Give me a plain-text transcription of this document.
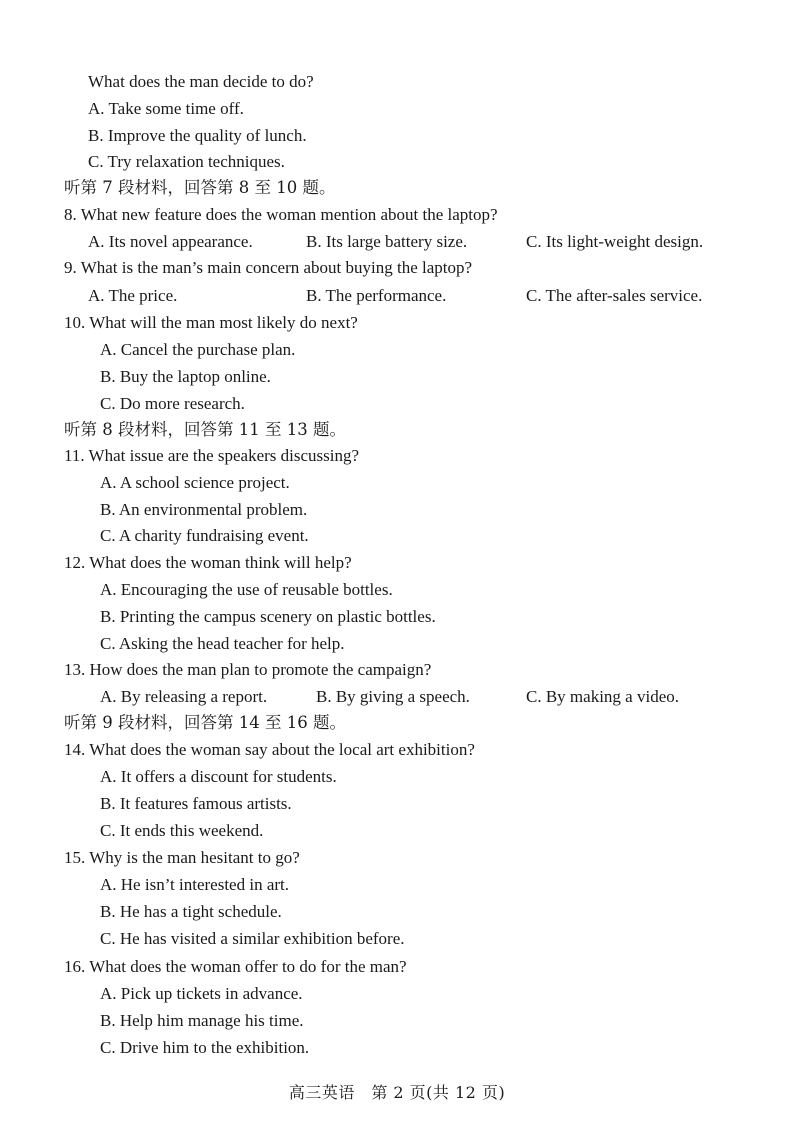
What does the man decide to do?
A. Take some time off.
B. Improve the quality of lunch.
C. Try relaxation techniques.
听第 7 段材料，回答第 8 至 10 题。
8. What new feature does the woman mention about the laptop?
A. Its novel appearance.	B. Its large battery size.	C. Its light-weight design.
9. What is the man’s main concern about buying the laptop?
A. The price.	B. The performance.	C. The after-sales service.
10. What will the man most likely do next?
A. Cancel the purchase plan.
B. Buy the laptop online.
C. Do more research.
听第 8 段材料，回答第 11 至 13 题。
11. What issue are the speakers discussing?
A. A school science project.
B. An environmental problem.
C. A charity fundraising event.
12. What does the woman think will help?
A. Encouraging the use of reusable bottles.
B. Printing the campus scenery on plastic bottles.
C. Asking the head teacher for help.
13. How does the man plan to promote the campaign?
A. By releasing a report.	B. By giving a speech.	C. By making a video.
听第 9 段材料，回答第 14 至 16 题。
14. What does the woman say about the local art exhibition?
A. It offers a discount for students.
B. It features famous artists.
C. It ends this weekend.
15. Why is the man hesitant to go?
A. He isn’t interested in art.
B. He has a tight schedule.
C. He has visited a similar exhibition before.
16. What does the woman offer to do for the man?
A. Pick up tickets in advance.
B. Help him manage his time.
C. Drive him to the exhibition.
高三英语　第 2 页(共 12 页)
